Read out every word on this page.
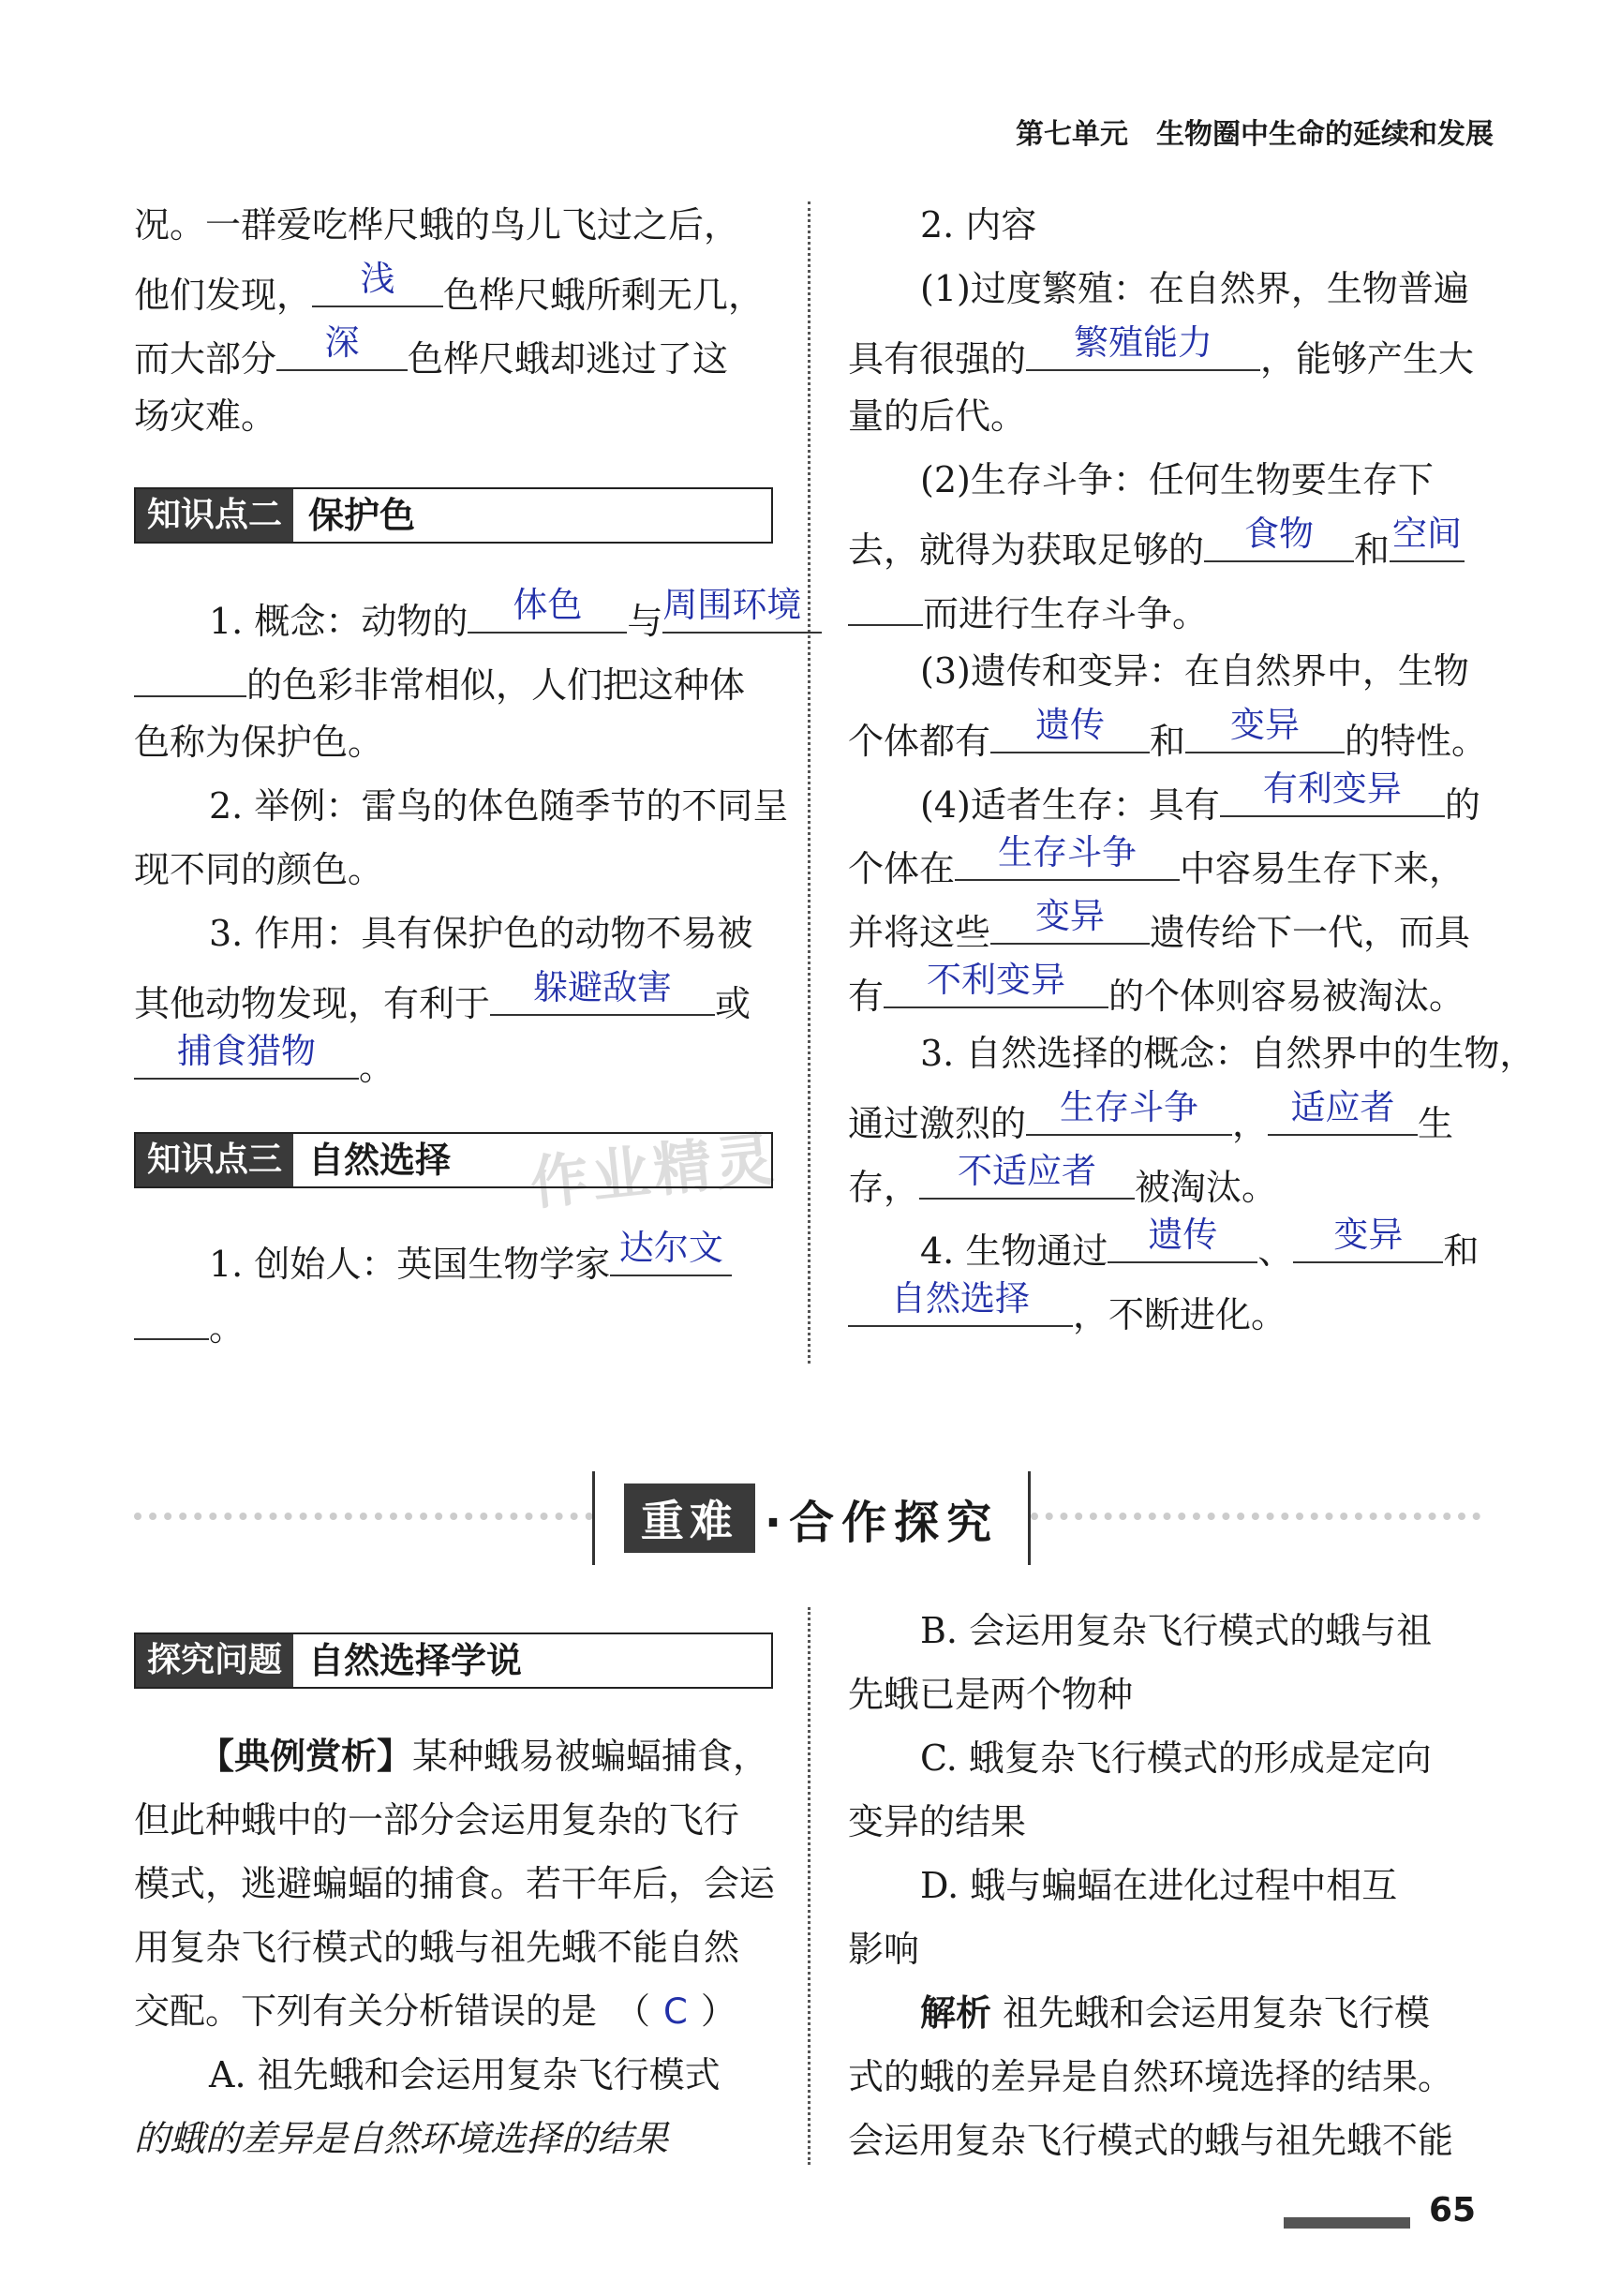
第七单元　 生物圈中生命的延续和发展
作业精灵
况。一群爱吃桦尺蛾的鸟儿飞过之后，
他们发现，	浅	色桦尺蛾所剩无几，
而大部分	深	色桦尺蛾却逃过了这
场灾难。
知识点二 保护色
1. 概念：动物的	体色	与 周围环境
的色彩非常相似，人们把这种体
色称为保护色。
2. 举例：雷鸟的体色随季节的不同呈
现不同的颜色。
3. 作用：具有保护色的动物不易被
其他动物发现，有利于	躲避敌害	或
捕食猎物	。
知识点三 自然选择
1. 创始人：英国生物学家 达尔文
。
2. 内容
(1)过度繁殖：在自然界，生物普遍
具有很强的	繁殖能力	，能够产生大
量的后代。
(2)生存斗争：任何生物要生存下
去，就得为获取足够的	食物	和 空间
而进行生存斗争。
(3)遗传和变异：在自然界中，生物
个体都有	遗传	和	变异	的特性。
(4)适者生存：具有	有利变异	的
个体在	生存斗争	中容易生存下来，
并将这些	变异	遗传给下一代，而具
有	不利变异	的个体则容易被淘汰。
3. 自然选择的概念：自然界中的生物，
通过激烈的 生存斗争 ， 适应者 生
存，	不适应者	被淘汰。
4. 生物通过	遗传	、	变异	和
自然选择	，不断进化。
重难 ·合作探究
探究问题 自然选择学说
【典例赏析】某种蛾易被蝙蝠捕食，
但此种蛾中的一部分会运用复杂的飞行
模式，逃避蝙蝠的捕食。若干年后，会运
用复杂飞行模式的蛾与祖先蛾不能自然
交配。下列有关分析错误的是　（ C ）
A. 祖先蛾和会运用复杂飞行模式
的蛾的差异是自然环境选择的结果
B. 会运用复杂飞行模式的蛾与祖
先蛾已是两个物种
C. 蛾复杂飞行模式的形成是定向
变异的结果
D. 蛾与蝙蝠在进化过程中相互
影响
解析 祖先蛾和会运用复杂飞行模
式的蛾的差异是自然环境选择的结果。
会运用复杂飞行模式的蛾与祖先蛾不能
65
